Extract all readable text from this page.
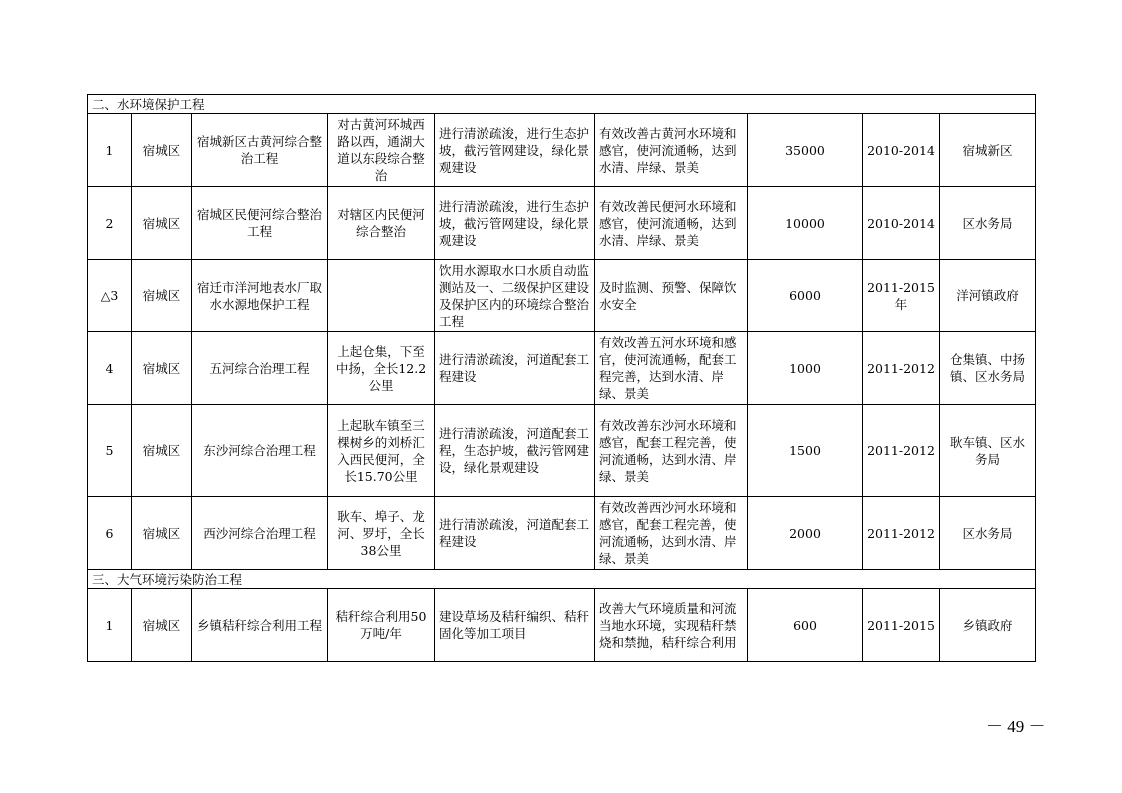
二、水环境保护工程								
1	宿城区	宿城新区古黄河综合整治工程	对古黄河环城西路以西，通湖大道以东段综合整治	进行清淤疏浚，进行生态护坡，截污管网建设，绿化景观建设	有效改善古黄河水环境和感官，使河流通畅，达到水清、岸绿、景美	35000	2010-2014	宿城新区
2	宿城区	宿城区民便河综合整治工程	对辖区内民便河综合整治	进行清淤疏浚，进行生态护坡，截污管网建设，绿化景观建设	有效改善民便河水环境和感官，使河流通畅，达到水清、岸绿、景美	10000	2010-2014	区水务局
△3	宿城区	宿迁市洋河地表水厂取水水源地保护工程		饮用水源取水口水质自动监测站及一、二级保护区建设及保护区内的环境综合整治工程	及时监测、预警、保障饮水安全	6000	2011-2015年	洋河镇政府
4	宿城区	五河综合治理工程	上起仓集，下至中扬，全长12.2公里	进行清淤疏浚，河道配套工程建设	有效改善五河水环境和感官，使河流通畅，配套工程完善，达到水清、岸绿、景美	1000	2011-2012	仓集镇、中扬镇、区水务局
5	宿城区	东沙河综合治理工程	上起耿车镇至三棵树乡的刘桥汇入西民便河，全长15.70公里	进行清淤疏浚，河道配套工程，生态护坡，截污管网建设，绿化景观建设	有效改善东沙河水环境和感官，配套工程完善，使河流通畅，达到水清、岸绿、景美	1500	2011-2012	耿车镇、区水务局
6	宿城区	西沙河综合治理工程	耿车、埠子、龙河、罗圩，全长38公里	进行清淤疏浚，河道配套工程建设	有效改善西沙河水环境和感官，配套工程完善，使河流通畅，达到水清、岸绿、景美	2000	2011-2012	区水务局
三、大气环境污染防治工程								
1	宿城区	乡镇秸秆综合利用工程	秸秆综合利用50万吨/年	建设草场及秸秆编织、秸秆固化等加工项目	改善大气环境质量和河流当地水环境，实现秸秆禁烧和禁抛，秸秆综合利用	600	2011-2015	乡镇政府
－ 49 －
